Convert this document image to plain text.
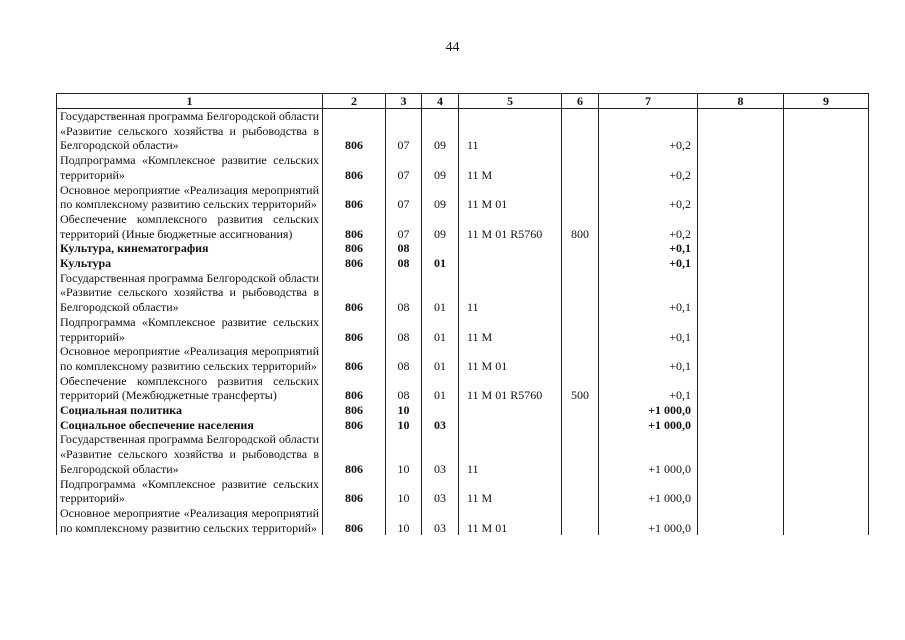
44
1	2	3	4	5	6	7	8	9
Государственная программа Белгородской области «Развитие сельского хозяйства и рыбоводства в Белгородской области»	806	07	09	11		+0,2		
Подпрограмма «Комплексное развитие сельских территорий»	806	07	09	11 М		+0,2		
Основное мероприятие «Реализация мероприятий по комплексному развитию сельских территорий»	806	07	09	11 М 01		+0,2		
Обеспечение комплексного развития сельских территорий (Иные бюджетные ассигнования)	806	07	09	11 М 01 R5760	800	+0,2		
Культура, кинематография	806	08				+0,1		
Культура	806	08	01			+0,1		
Государственная программа Белгородской области «Развитие сельского хозяйства и рыбоводства в Белгородской области»	806	08	01	11		+0,1		
Подпрограмма «Комплексное развитие сельских территорий»	806	08	01	11 М		+0,1		
Основное мероприятие «Реализация мероприятий по комплексному развитию сельских территорий»	806	08	01	11 М 01		+0,1		
Обеспечение комплексного развития сельских территорий (Межбюджетные трансферты)	806	08	01	11 М 01 R5760	500	+0,1		
Социальная политика	806	10				+1 000,0		
Социальное обеспечение населения	806	10	03			+1 000,0		
Государственная программа Белгородской области «Развитие сельского хозяйства и рыбоводства в Белгородской области»	806	10	03	11		+1 000,0		
Подпрограмма «Комплексное развитие сельских территорий»	806	10	03	11 М		+1 000,0		
Основное мероприятие «Реализация мероприятий по комплексному развитию сельских территорий»	806	10	03	11 М 01		+1 000,0		
